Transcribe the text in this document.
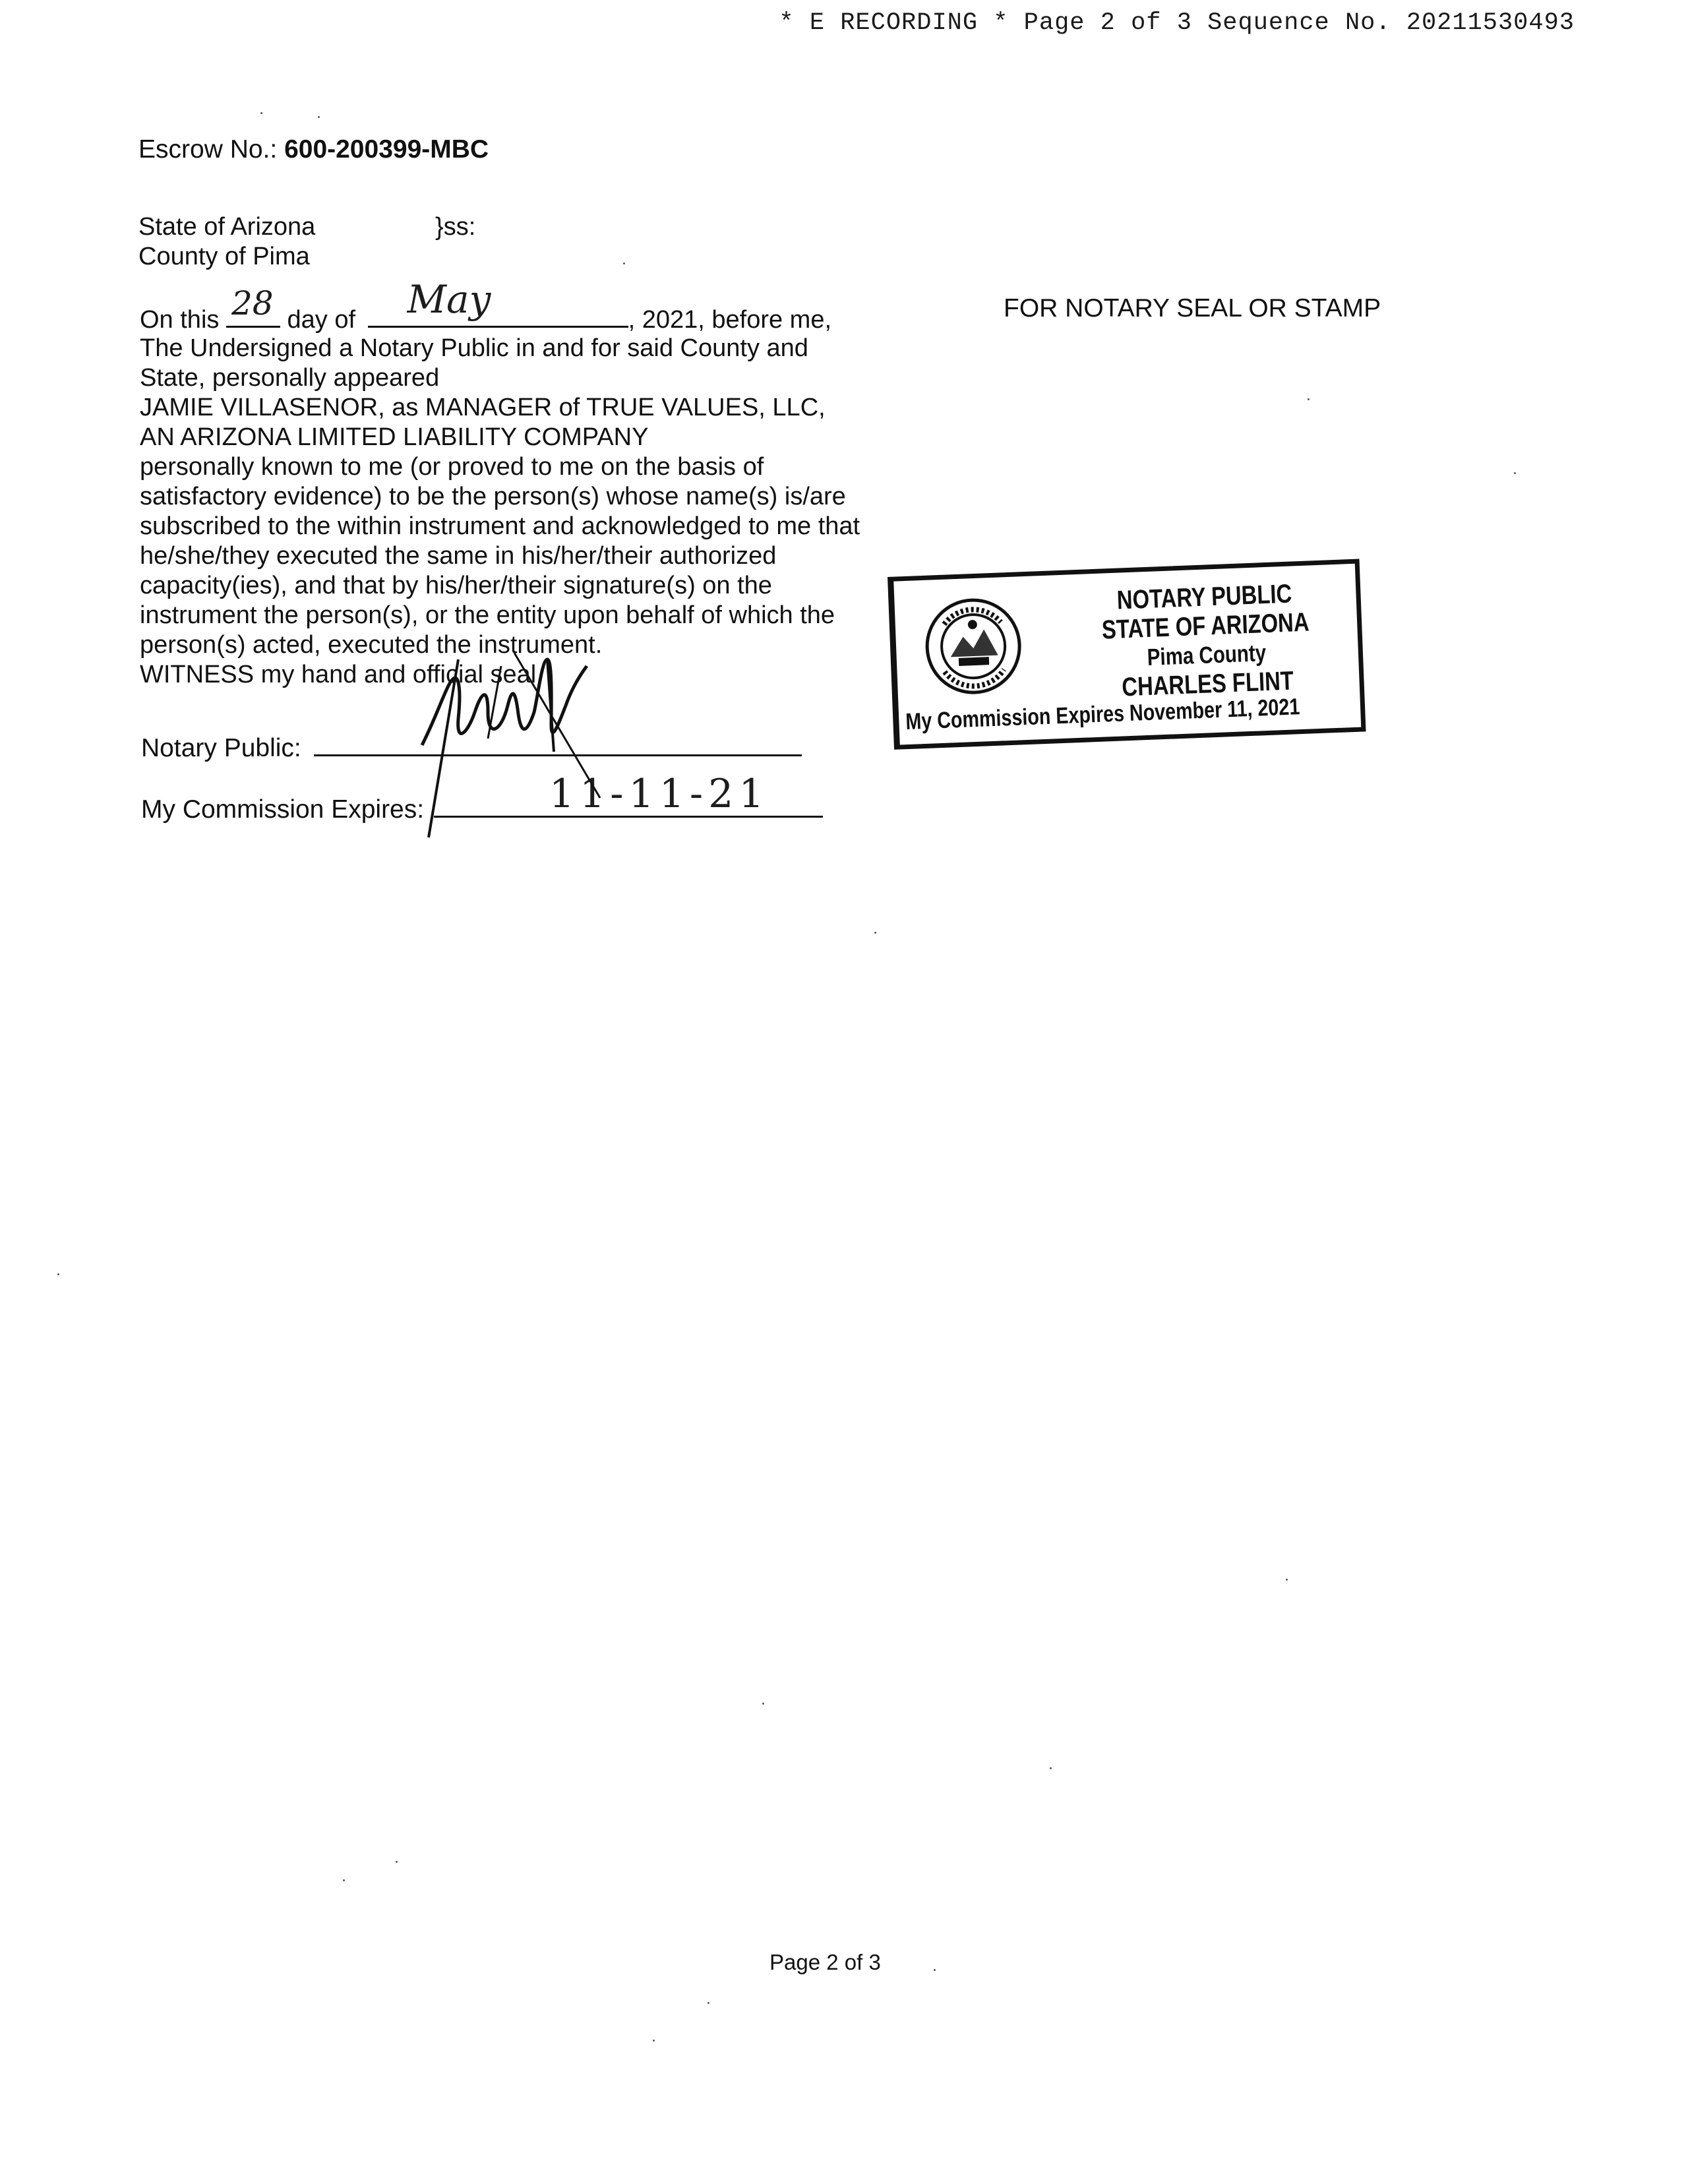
* E RECORDING * Page 2 of 3 Sequence No. 20211530493
Escrow No.: 600-200399-MBC
State of Arizona
County of Pima
}ss:
FOR NOTARY SEAL OR STAMP
On this 28 day of May	, 2021, before me,
The Undersigned a Notary Public in and for said County and
State, personally appeared
JAMIE VILLASENOR, as MANAGER of TRUE VALUES, LLC,
AN ARIZONA LIMITED LIABILITY COMPANY
personally known to me (or proved to me on the basis of
satisfactory evidence) to be the person(s) whose name(s) is/are
subscribed to the within instrument and acknowledged to me that
he/she/they executed the same in his/her/their authorized
capacity(ies), and that by his/her/their signature(s) on the
instrument the person(s), or the entity upon behalf of which the
person(s) acted, executed the instrument.
WITNESS my hand and official seal.
Notary Public:
My Commission Expires:	11-11-21
NOTARY PUBLIC
STATE OF ARIZONA
Pima County
CHARLES FLINT
My Commission Expires November 11, 2021
Page 2 of 3
